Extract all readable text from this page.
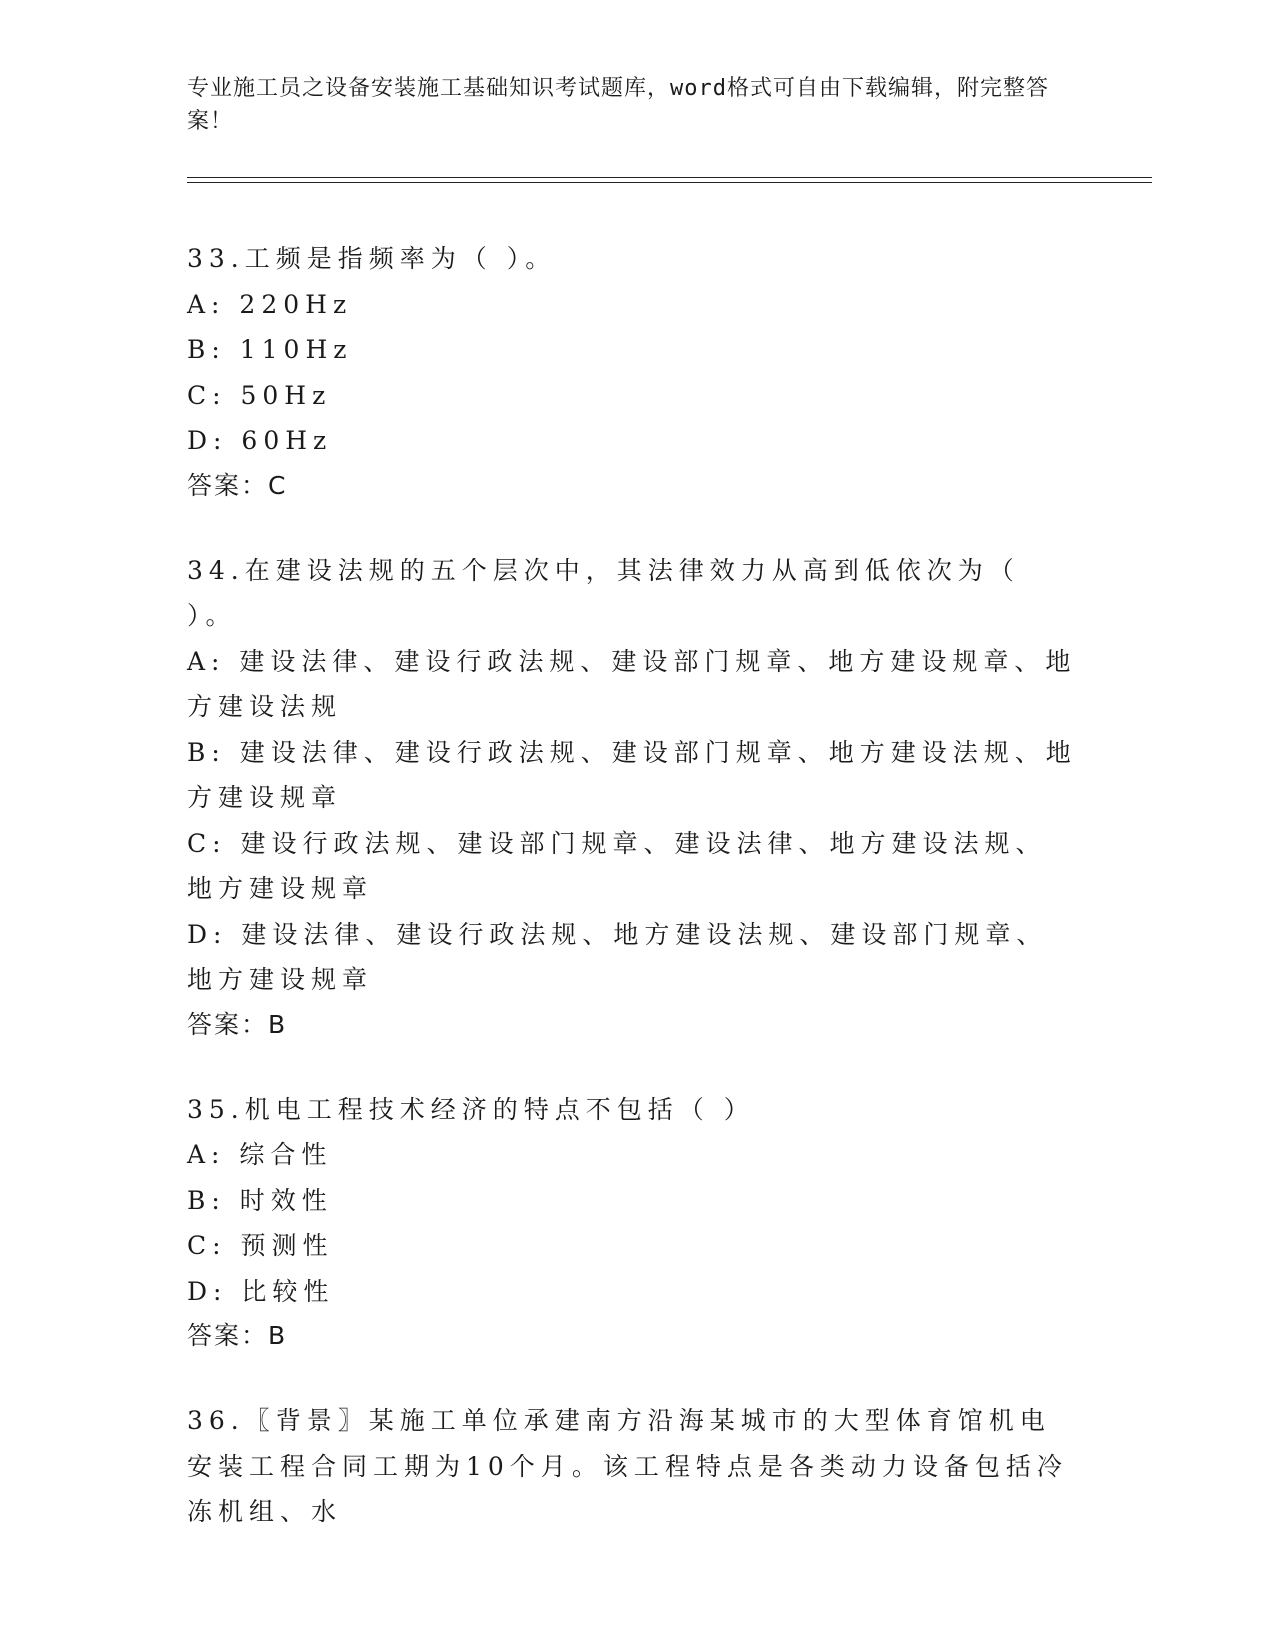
专业施工员之设备安装施工基础知识考试题库，word格式可自由下载编辑，附完整答案！

33.工频是指频率为（ ）。

A: 220Hz

B: 110Hz

C: 50Hz

D: 60Hz

答案：C

34.在建设法规的五个层次中，其法律效力从高到低依次为（ ）。

A: 建设法律、建设行政法规、建设部门规章、地方建设规章、地方建设法规

B: 建设法律、建设行政法规、建设部门规章、地方建设法规、地方建设规章

C: 建设行政法规、建设部门规章、建设法律、地方建设法规、地方建设规章

D: 建设法律、建设行政法规、地方建设法规、建设部门规章、地方建设规章

答案：B

35.机电工程技术经济的特点不包括（ ）

A: 综合性

B: 时效性

C: 预测性

D: 比较性

答案：B

36.〖背景〗某施工单位承建南方沿海某城市的大型体育馆机电安装工程合同工期为10个月。该工程特点是各类动力设备包括冷冻机组、水
